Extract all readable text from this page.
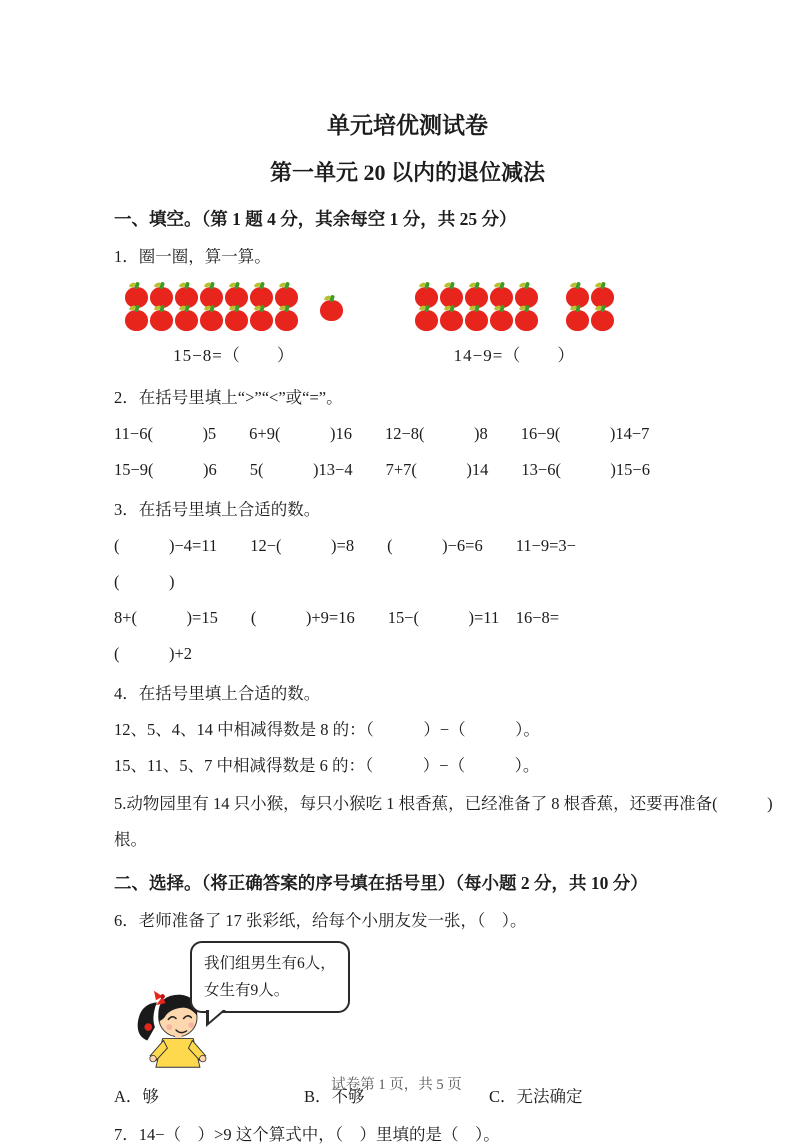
单元培优测试卷
第一单元 20 以内的退位减法
一、填空。（第 1 题 4 分，其余每空 1 分，共 25 分）
1．圈一圈，算一算。
15−8=（　　）	14−9=（　　）
2．在括号里填上“>”“<”或“=”。
11−6(　　　)5　　6+9(　　　)16　　12−8(　　　)8　　16−9(　　　)14−7
15−9(　　　)6　　5(　　　)13−4　　7+7(　　　)14　　13−6(　　　)15−6
3．在括号里填上合适的数。
(　　　)−4=11　　12−(　　　)=8　　(　　　)−6=6　　11−9=3−
(　　　)
8+(　　　)=15　　(　　　)+9=16　　15−(　　　)=11　16−8=
(　　　)+2
4．在括号里填上合适的数。
12、5、4、14 中相减得数是 8 的：（　　　）−（　　　）。
15、11、5、7 中相减得数是 6 的：（　　　）−（　　　）。
5.动物园里有 14 只小猴，每只小猴吃 1 根香蕉，已经准备了 8 根香蕉，还要再准备(　　　)
根。
二、选择。（将正确答案的序号填在括号里）（每小题 2 分，共 10 分）
6．老师准备了 17 张彩纸，给每个小朋友发一张，（　）。
我们组男生有6人，
女生有9人。
A．够	B．不够	C．无法确定
7．14−（　）>9 这个算式中，（　）里填的是（　）。
试卷第 1 页，共 5 页
